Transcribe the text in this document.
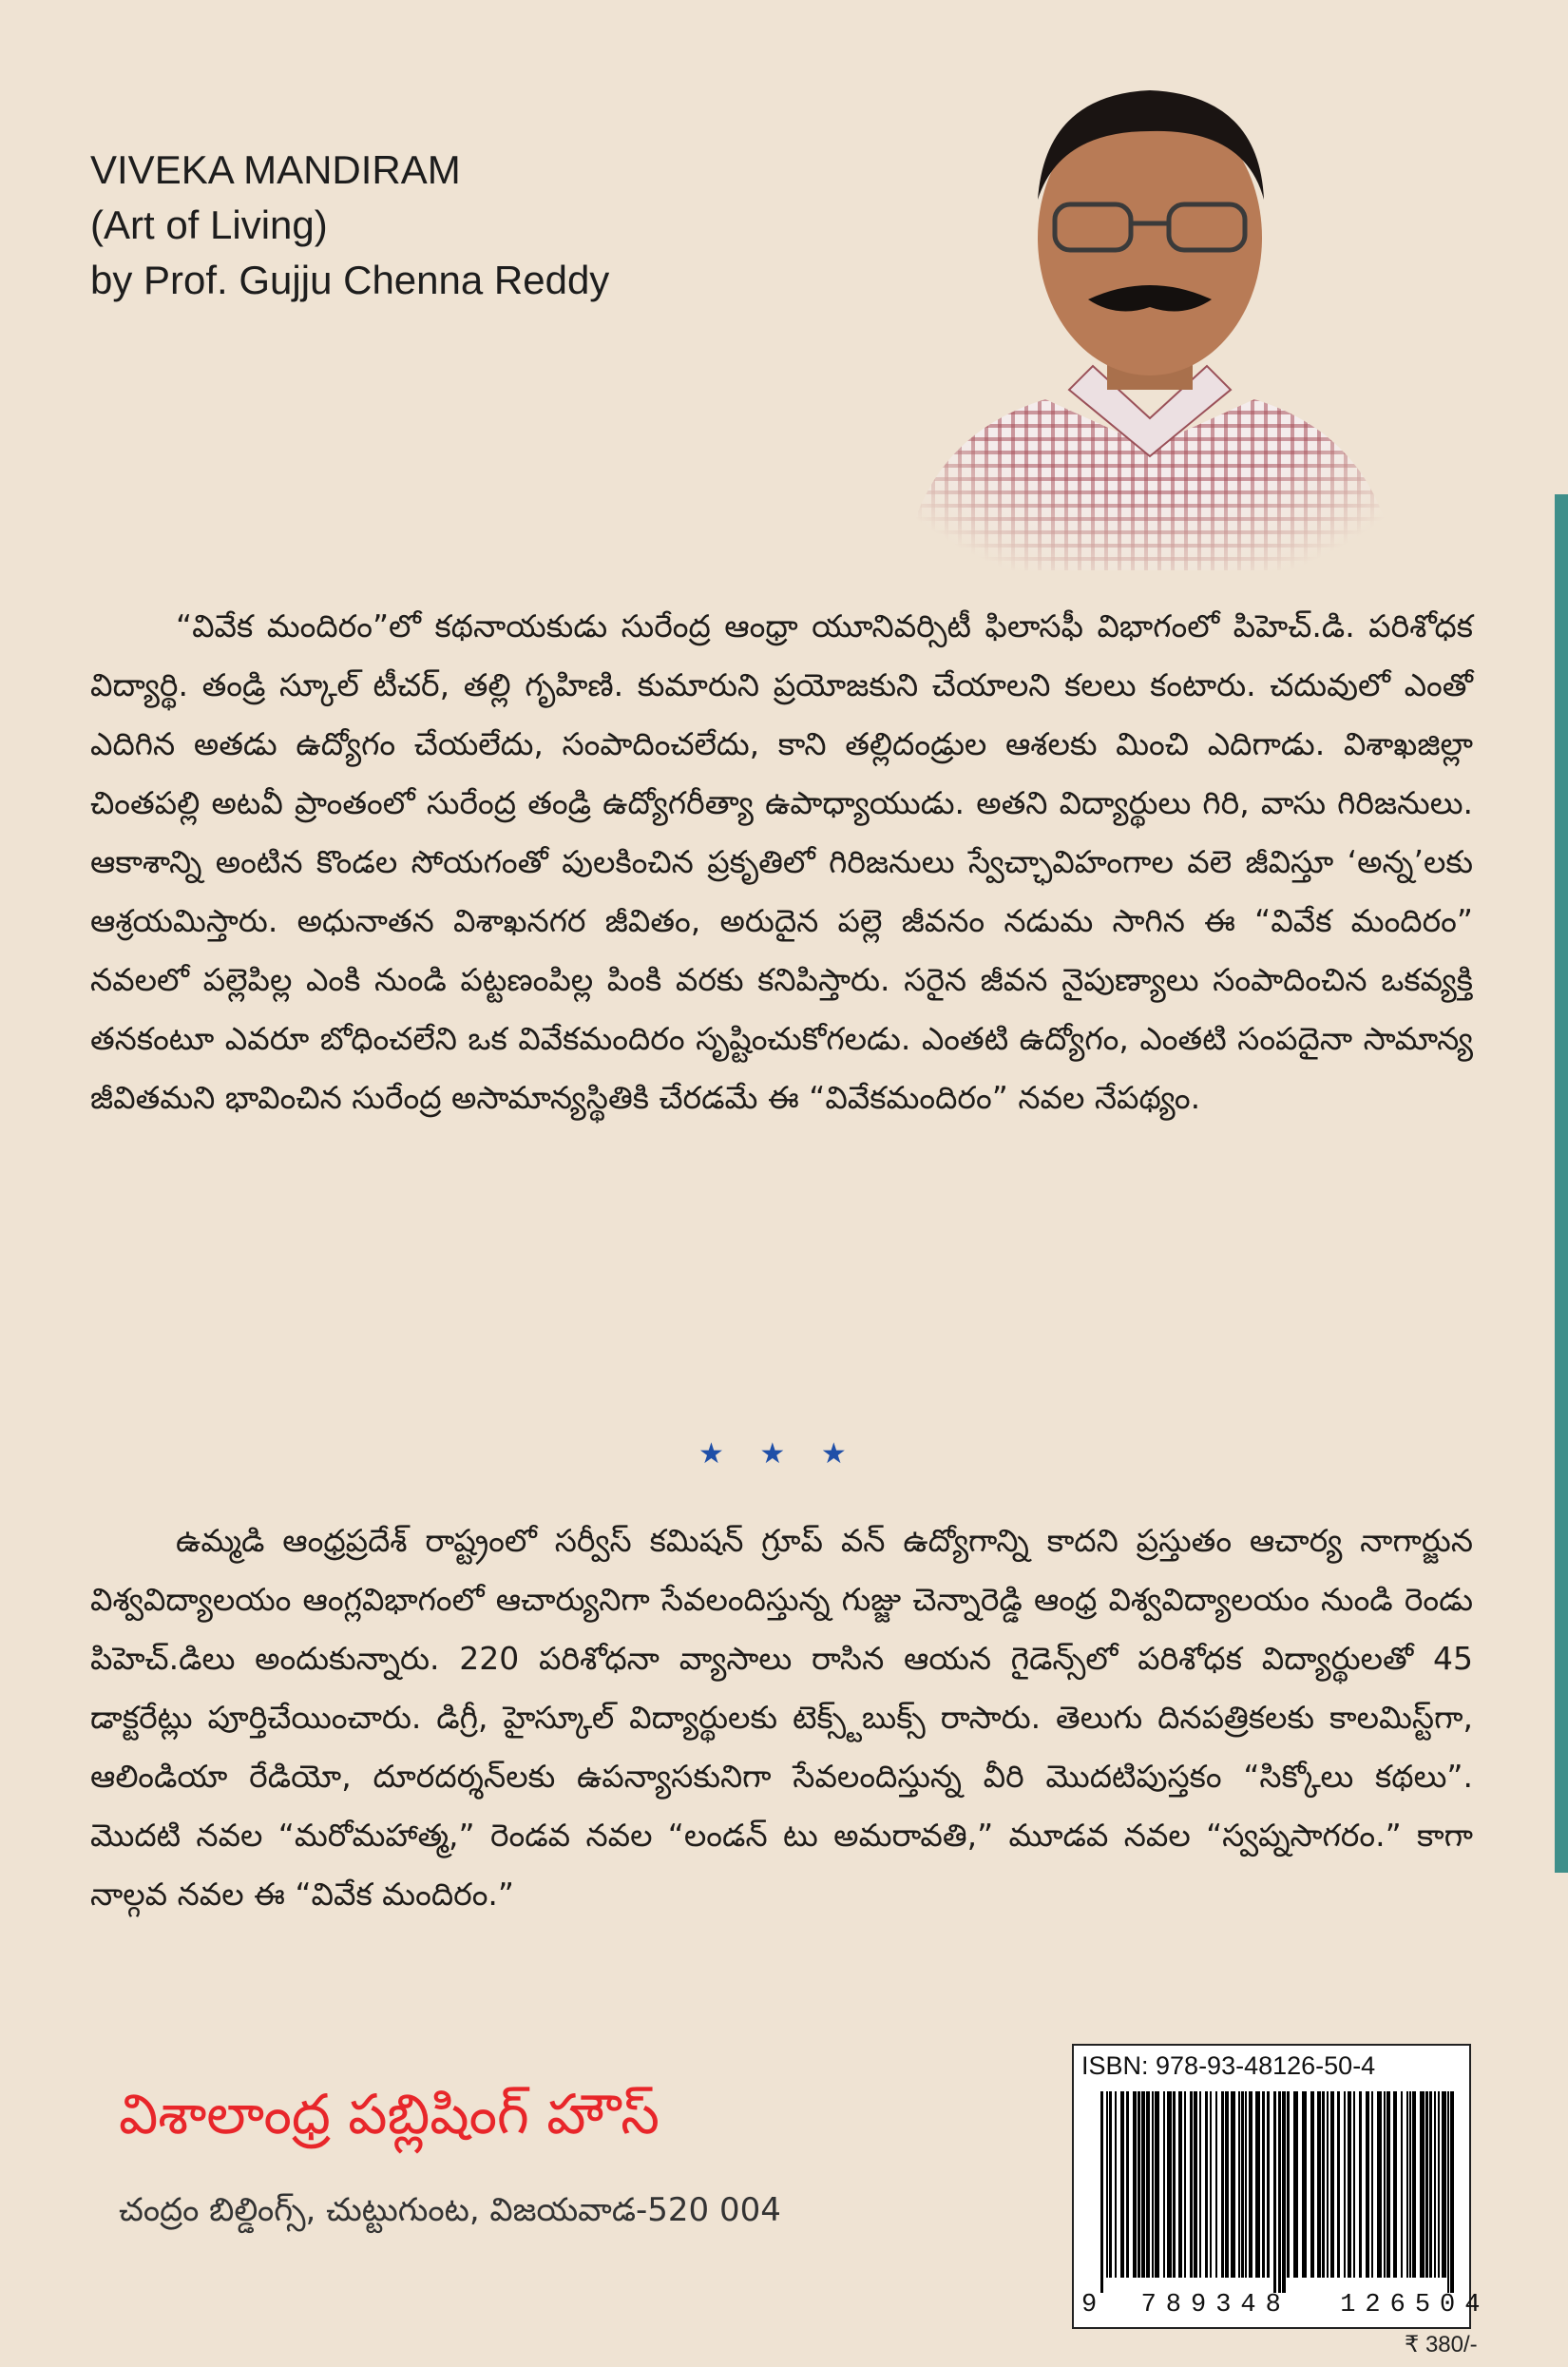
VIVEKA MANDIRAM
(Art of Living)
by Prof. Gujju Chenna Reddy

“వివేక మందిరం”లో కథనాయకుడు సురేంద్ర ఆంధ్రా యూనివర్సిటీ ఫిలాసఫీ విభాగంలో పిహెచ్.డి. పరిశోధక విద్యార్థి. తండ్రి స్కూల్ టీచర్, తల్లి గృహిణి. కుమారుని ప్రయోజకుని చేయాలని కలలు కంటారు. చదువులో ఎంతో ఎదిగిన అతడు ఉద్యోగం చేయలేదు, సంపాదించలేదు, కాని తల్లిదండ్రుల ఆశలకు మించి ఎదిగాడు. విశాఖజిల్లా చింతపల్లి అటవీ ప్రాంతంలో సురేంద్ర తండ్రి ఉద్యోగరీత్యా ఉపాధ్యాయుడు. అతని విద్యార్థులు గిరి, వాసు గిరిజనులు. ఆకాశాన్ని అంటిన కొండల సోయగంతో పులకించిన ప్రకృతిలో గిరిజనులు స్వేచ్ఛావిహంగాల వలె జీవిస్తూ ‘అన్న’లకు ఆశ్రయమిస్తారు. అధునాతన విశాఖనగర జీవితం, అరుదైన పల్లె జీవనం నడుమ సాగిన ఈ “వివేక మందిరం” నవలలో పల్లెపిల్ల ఎంకి నుండి పట్టణంపిల్ల పింకి వరకు కనిపిస్తారు. సరైన జీవన నైపుణ్యాలు సంపాదించిన ఒకవ్యక్తి తనకంటూ ఎవరూ బోధించలేని ఒక వివేకమందిరం సృష్టించుకోగలడు. ఎంతటి ఉద్యోగం, ఎంతటి సంపదైనా సామాన్య జీవితమని భావించిన సురేంద్ర అసామాన్యస్థితికి చేరడమే ఈ “వివేకమందిరం” నవల నేపథ్యం.

★ ★ ★

ఉమ్మడి ఆంధ్రప్రదేశ్ రాష్ట్రంలో సర్వీస్ కమిషన్ గ్రూప్ వన్ ఉద్యోగాన్ని కాదని ప్రస్తుతం ఆచార్య నాగార్జున విశ్వవిద్యాలయం ఆంగ్లవిభాగంలో ఆచార్యునిగా సేవలందిస్తున్న గుజ్జు చెన్నారెడ్డి ఆంధ్ర విశ్వవిద్యాలయం నుండి రెండు పిహెచ్.డిలు అందుకున్నారు. 220 పరిశోధనా వ్యాసాలు రాసిన ఆయన గైడెన్స్‌లో పరిశోధక విద్యార్థులతో 45 డాక్టరేట్లు పూర్తిచేయించారు. డిగ్రీ, హైస్కూల్ విద్యార్థులకు టెక్స్ట్‌బుక్స్ రాసారు. తెలుగు దినపత్రికలకు కాలమిస్ట్‌గా, ఆలిండియా రేడియో, దూరదర్శన్‌లకు ఉపన్యాసకునిగా సేవలందిస్తున్న వీరి మొదటిపుస్తకం “సిక్కోలు కథలు”. మొదటి నవల “మరోమహాత్మ,” రెండవ నవల “లండన్ టు అమరావతి,” మూడవ నవల “స్వప్నసాగరం.” కాగా నాల్గవ నవల ఈ “వివేక మందిరం.”

విశాలాంధ్ర పబ్లిషింగ్ హౌస్
చంద్రం బిల్డింగ్స్, చుట్టుగుంట, విజయవాడ-520 004
ISBN: 978-93-48126-50-4
9 789348 126504
₹ 380/-
